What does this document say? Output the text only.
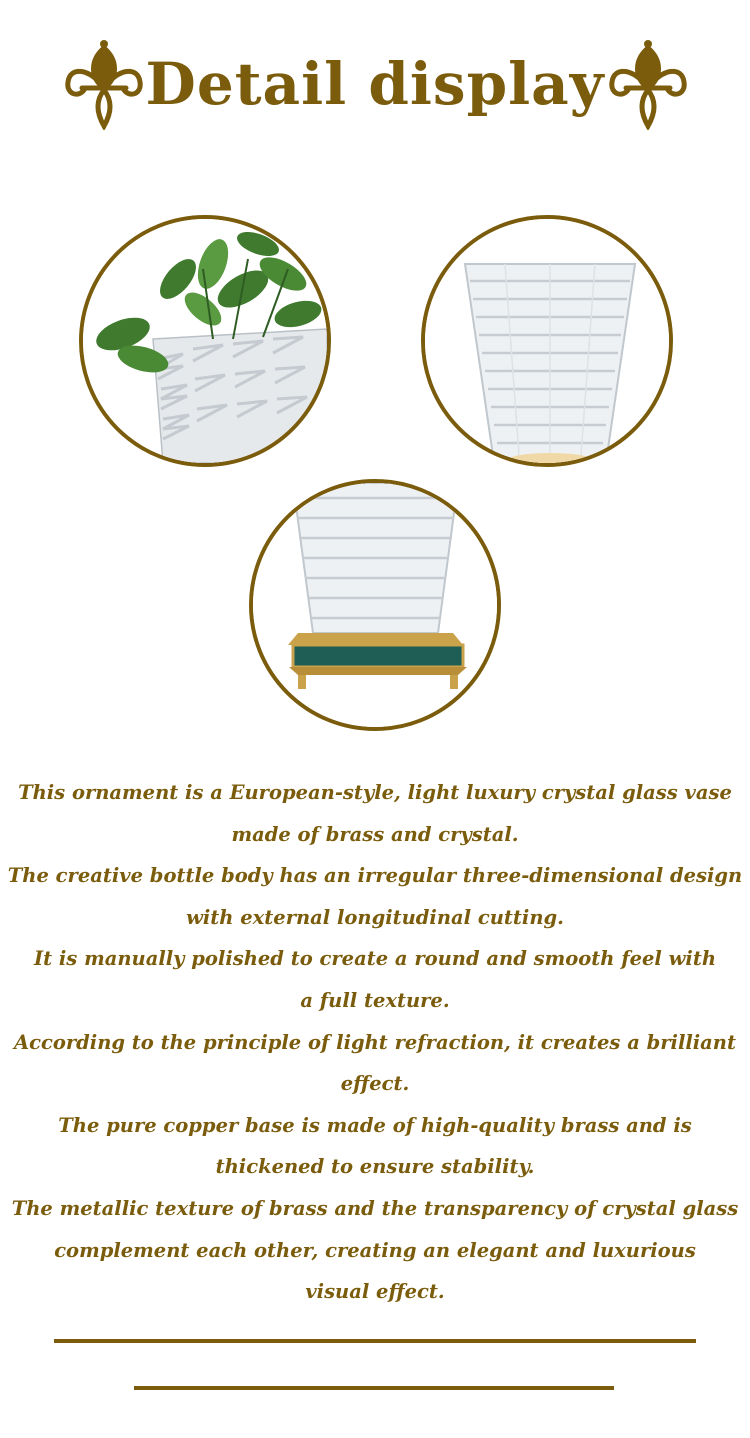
Detail display
This ornament is a European-style, light luxury crystal glass vase
made of brass and crystal.
The creative bottle body has an irregular three-dimensional design
with external longitudinal cutting.
It is manually polished to create a round and smooth feel with
a full texture.
According to the principle of light refraction, it creates a brilliant
effect.
The pure copper base is made of high-quality brass and is
thickened to ensure stability.
The metallic texture of brass and the transparency of crystal glass
complement each other, creating an elegant and luxurious
visual effect.
